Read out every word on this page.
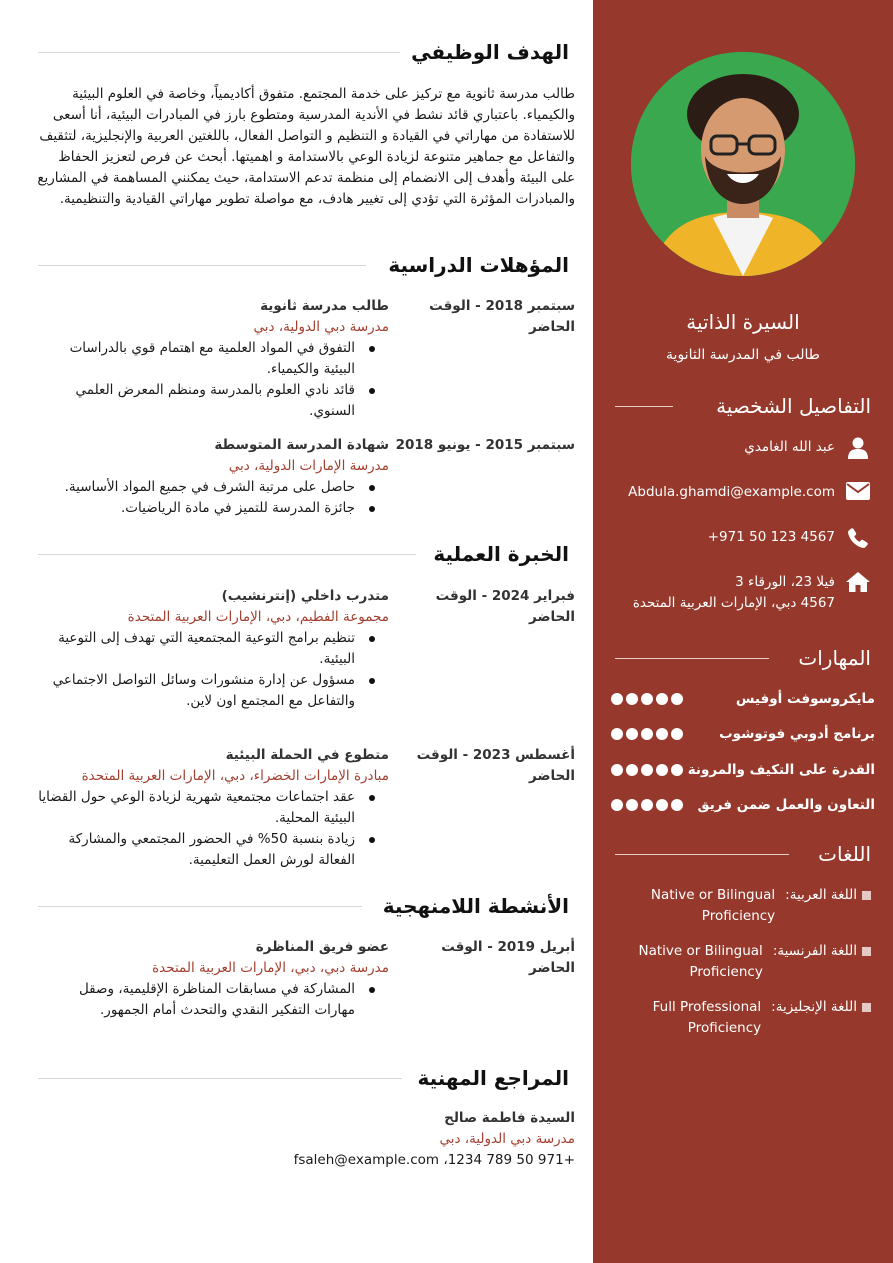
السيرة الذاتية
طالب في المدرسة الثانوية
التفاصيل الشخصية
عبد الله الغامدي
Abdula.ghamdi@example.com
+971 50 123 4567
فيلا 23، الورقاء 3
4567 دبي، الإمارات العربية المتحدة
المهارات
مايكروسوفت أوفيس
برنامج أدوبي فوتوشوب
القدرة على التكيف والمرونة
التعاون والعمل ضمن فريق
اللغات
اللغة العربية:
Native or Bilingual Proficiency
اللغة الفرنسية:
Native or Bilingual Proficiency
اللغة الإنجليزية:
Full Professional Proficiency
الهدف الوظيفي

طالب مدرسة ثانوية مع تركيز على خدمة المجتمع. متفوق أكاديمياً، وخاصة في العلوم البيئية والكيمياء. باعتباري قائد نشط في الأندية المدرسية ومتطوع بارز في المبادرات البيئية، أنا أسعى للاستفادة من مهاراتي في القيادة و التنظيم و التواصل الفعال، باللغتين العربية والإنجليزية، لتثقيف والتفاعل مع جماهير متنوعة لزيادة الوعي بالاستدامة و اهميتها. أبحث عن فرص لتعزيز الحفاظ على البيئة وأهدف إلى الانضمام إلى منظمة تدعم الاستدامة، حيث يمكنني المساهمة في المشاريع والمبادرات المؤثرة التي تؤدي إلى تغيير هادف، مع مواصلة تطوير مهاراتي القيادية والتنظيمية.

المؤهلات الدراسية
سبتمبر 2018 - الوقت الحاضر
طالب مدرسة ثانوية
مدرسة دبي الدولية، دبي
التفوق في المواد العلمية مع اهتمام قوي بالدراسات البيئية والكيمياء.
قائد نادي العلوم بالمدرسة ومنظم المعرض العلمي السنوي.
سبتمبر 2015 - يونيو 2018
شهادة المدرسة المتوسطة
مدرسة الإمارات الدولية، دبي
حاصل على مرتبة الشرف في جميع المواد الأساسية.
جائزة المدرسة للتميز في مادة الرياضيات.
الخبرة العملية
فبراير 2024 - الوقت الحاضر
متدرب داخلي (إنترنشيب)
مجموعة الفطيم، دبي، الإمارات العربية المتحدة
تنظيم برامج التوعية المجتمعية التي تهدف إلى التوعية البيئية.
مسؤول عن إدارة منشورات وسائل التواصل الاجتماعي والتفاعل مع المجتمع اون لاين.
أغسطس 2023 - الوقت الحاضر
متطوع في الحملة البيئية
مبادرة الإمارات الخضراء، دبي، الإمارات العربية المتحدة
عقد اجتماعات مجتمعية شهرية لزيادة الوعي حول القضايا البيئية المحلية.
زيادة بنسبة 50% في الحضور المجتمعي والمشاركة الفعالة لورش العمل التعليمية.
الأنشطة اللامنهجية
أبريل 2019 - الوقت الحاضر
عضو فريق المناظرة
مدرسة دبي، دبي، الإمارات العربية المتحدة
المشاركة في مسابقات المناظرة الإقليمية، وصقل مهارات التفكير النقدي والتحدث أمام الجمهور.
المراجع المهنية
السيدة فاطمة صالح
مدرسة دبي الدولية، دبي
+971 50 789 1234، fsaleh@example.com
